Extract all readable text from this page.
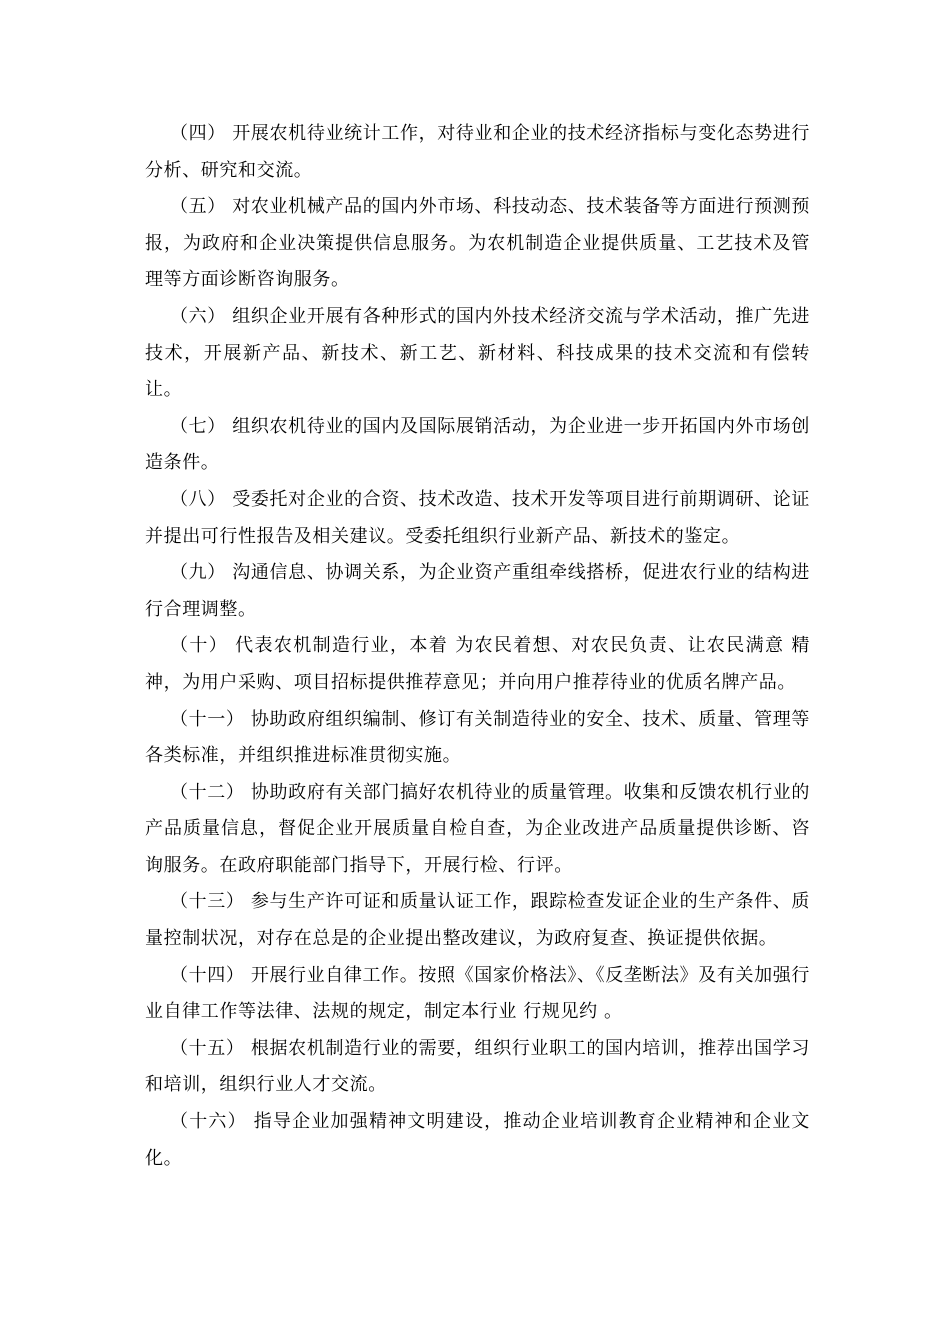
（四） 开展农机待业统计工作，对待业和企业的技术经济指标与变化态势进行分析、研究和交流。

（五） 对农业机械产品的国内外市场、科技动态、技术装备等方面进行预测预报，为政府和企业决策提供信息服务。为农机制造企业提供质量、工艺技术及管理等方面诊断咨询服务。

（六） 组织企业开展有各种形式的国内外技术经济交流与学术活动，推广先进技术，开展新产品、新技术、新工艺、新材料、科技成果的技术交流和有偿转让。

（七） 组织农机待业的国内及国际展销活动，为企业进一步开拓国内外市场创造条件。

（八） 受委托对企业的合资、技术改造、技术开发等项目进行前期调研、论证并提出可行性报告及相关建议。受委托组织行业新产品、新技术的鉴定。

（九） 沟通信息、协调关系，为企业资产重组牵线搭桥，促进农行业的结构进行合理调整。

（十） 代表农机制造行业，本着 为农民着想、对农民负责、让农民满意 精神，为用户采购、项目招标提供推荐意见；并向用户推荐待业的优质名牌产品。

（十一） 协助政府组织编制、修订有关制造待业的安全、技术、质量、管理等各类标准，并组织推进标准贯彻实施。

（十二） 协助政府有关部门搞好农机待业的质量管理。收集和反馈农机行业的产品质量信息，督促企业开展质量自检自查，为企业改进产品质量提供诊断、咨询服务。在政府职能部门指导下，开展行检、行评。

（十三） 参与生产许可证和质量认证工作，跟踪检查发证企业的生产条件、质量控制状况，对存在总是的企业提出整改建议，为政府复查、换证提供依据。

（十四） 开展行业自律工作。按照《国家价格法》、《反垄断法》及有关加强行业自律工作等法律、法规的规定，制定本行业 行规见约 。

（十五） 根据农机制造行业的需要，组织行业职工的国内培训，推荐出国学习和培训，组织行业人才交流。

（十六） 指导企业加强精神文明建设，推动企业培训教育企业精神和企业文化。
